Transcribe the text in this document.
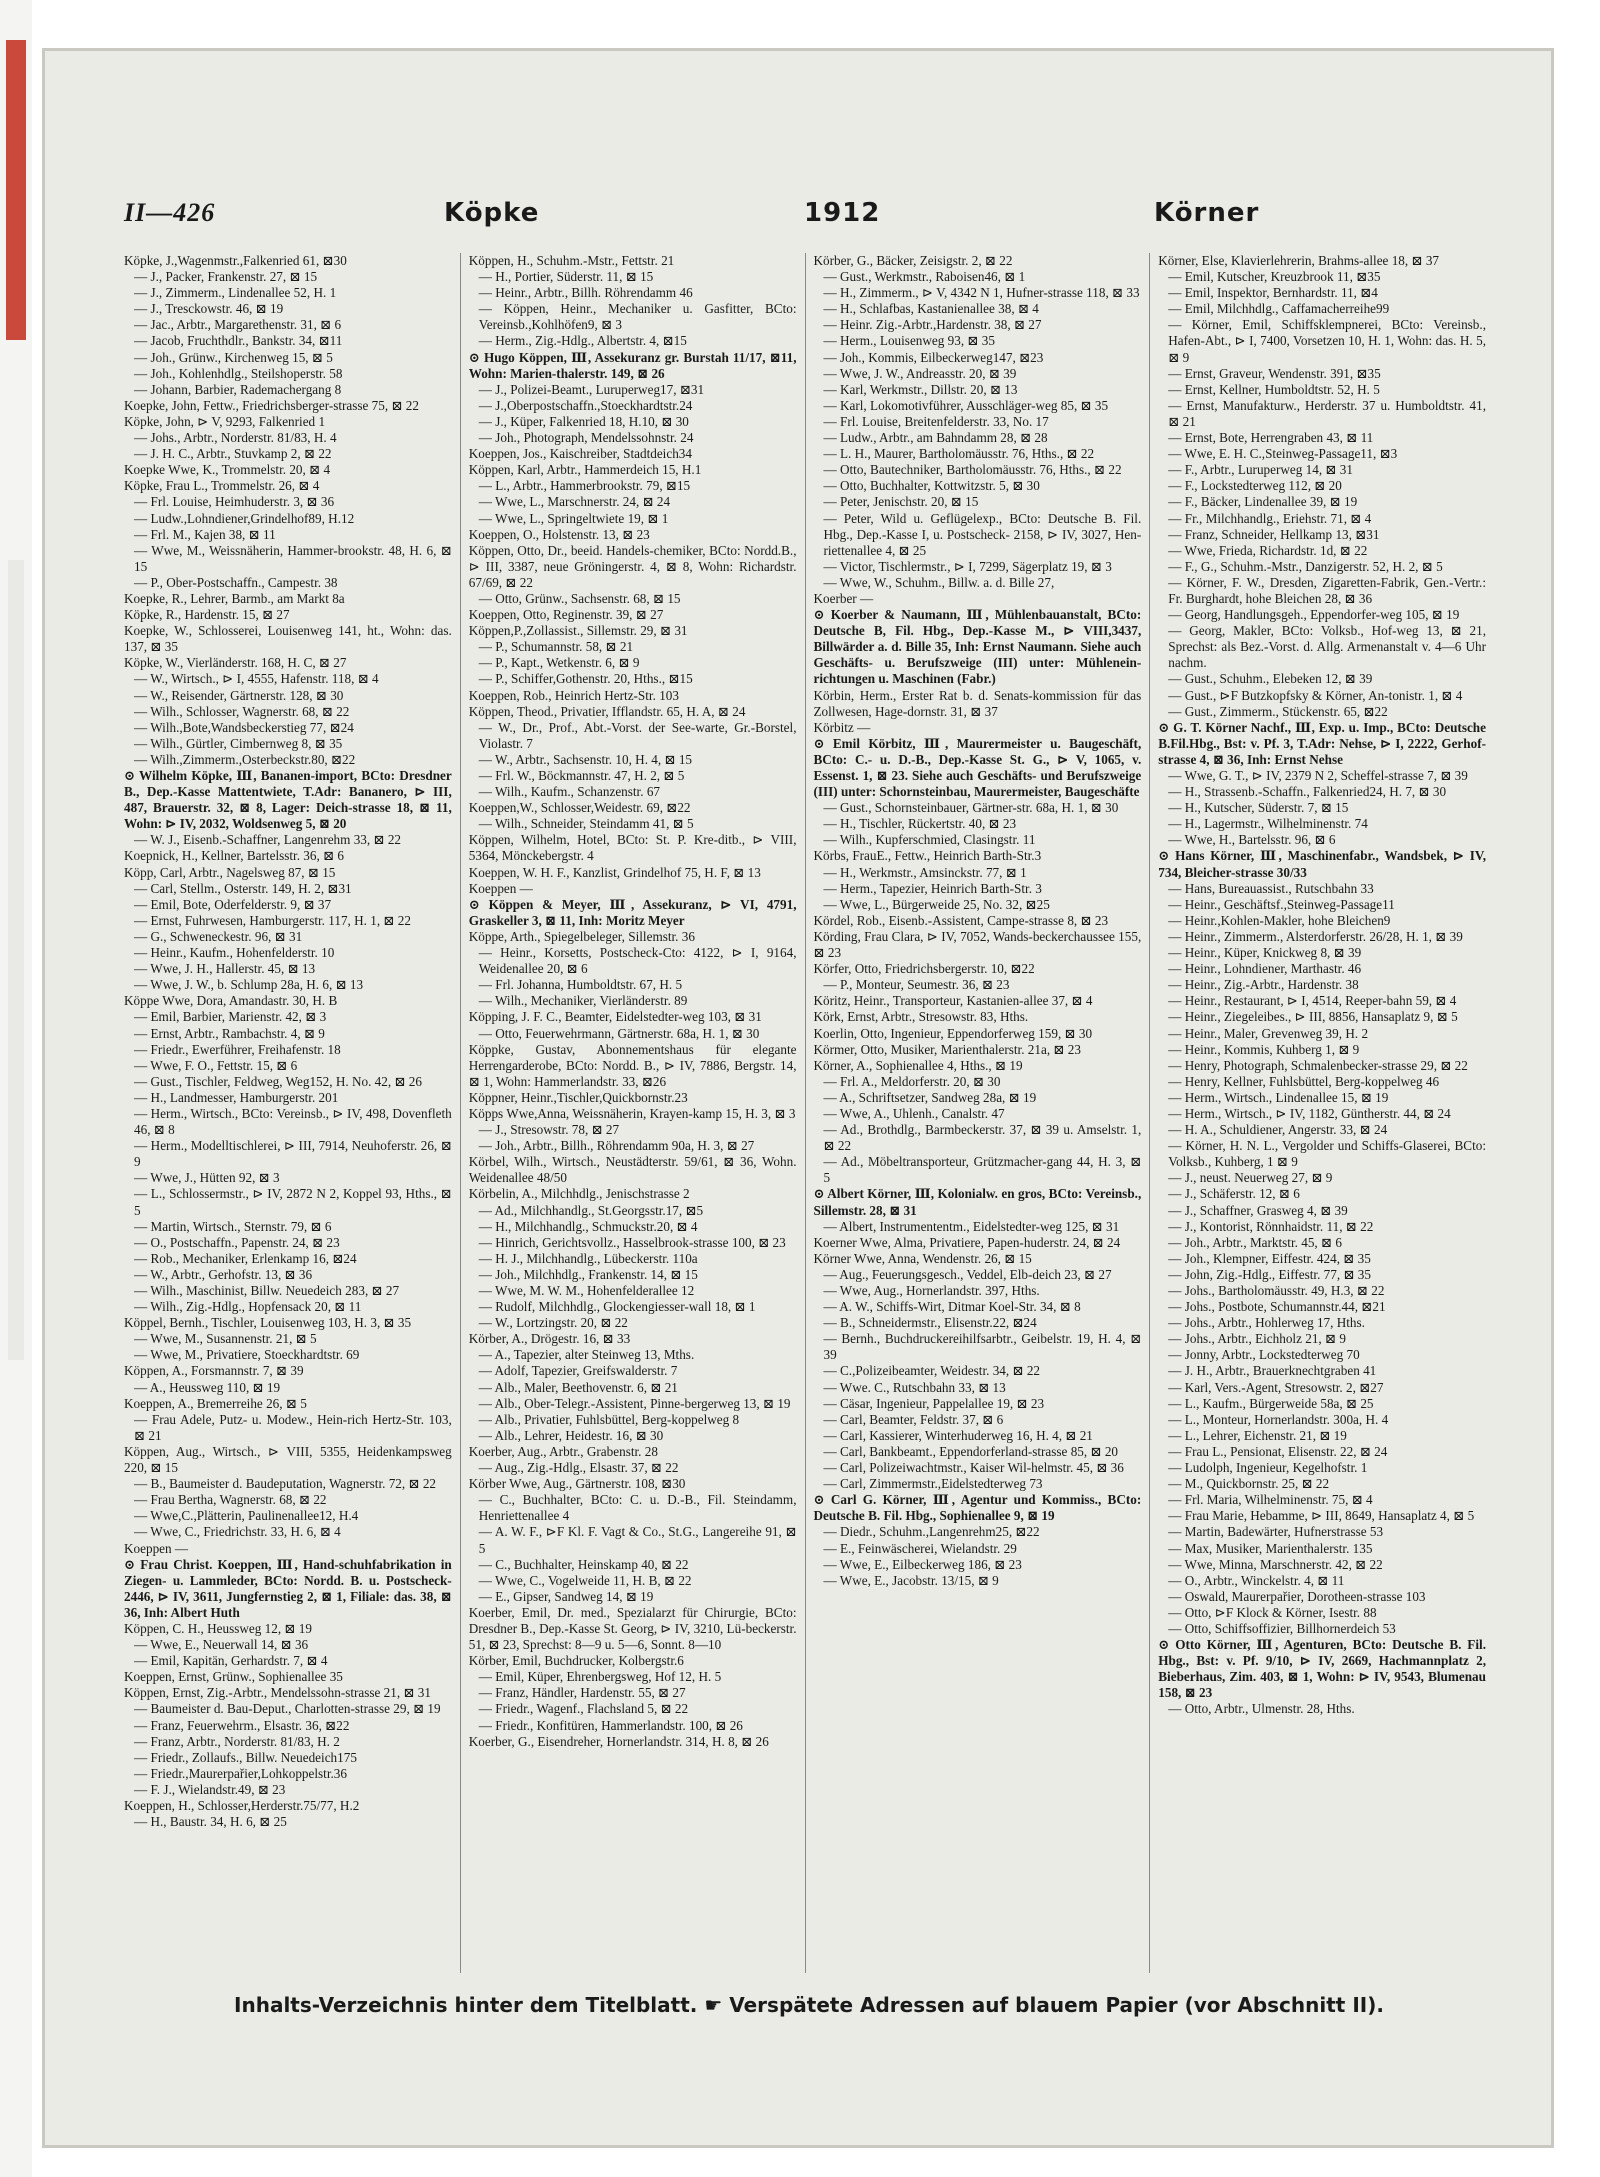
II—426	Köpke	1912	Körner

Köpke, J.,Wagenmstr.,Falkenried 61, ⊠30

— J., Packer, Frankenstr. 27, ⊠ 15

— J., Zimmerm., Lindenallee 52, H. 1

— J., Tresckowstr. 46, ⊠ 19

— Jac., Arbtr., Margarethenstr. 31, ⊠ 6

— Jacob, Fruchthdlr., Bankstr. 34, ⊠11

— Joh., Grünw., Kirchenweg 15, ⊠ 5

— Joh., Kohlenhdlg., Steilshoperstr. 58

— Johann, Barbier, Rademachergang 8

Koepke, John, Fettw., Friedrichsberger-strasse 75, ⊠ 22

Köpke, John, ⊳ V, 9293, Falkenried 1

— Johs., Arbtr., Norderstr. 81/83, H. 4

— J. H. C., Arbtr., Stuvkamp 2, ⊠ 22

Koepke Wwe, K., Trommelstr. 20, ⊠ 4

Köpke, Frau L., Trommelstr. 26, ⊠ 4

— Frl. Louise, Heimhuderstr. 3, ⊠ 36

— Ludw.,Lohndiener,Grindelhof89, H.12

— Frl. M., Kajen 38, ⊠ 11

— Wwe, M., Weissnäherin, Hammer-brookstr. 48, H. 6, ⊠ 15

— P., Ober-Postschaffn., Campestr. 38

Koepke, R., Lehrer, Barmb., am Markt 8a

Köpke, R., Hardenstr. 15, ⊠ 27

Koepke, W., Schlosserei, Louisenweg 141, ht., Wohn: das. 137, ⊠ 35

Köpke, W., Vierländerstr. 168, H. C, ⊠ 27

— W., Wirtsch., ⊳ I, 4555, Hafenstr. 118, ⊠ 4

— W., Reisender, Gärtnerstr. 128, ⊠ 30

— Wilh., Schlosser, Wagnerstr. 68, ⊠ 22

— Wilh.,Bote,Wandsbeckerstieg 77, ⊠24

— Wilh., Gürtler, Cimbernweg 8, ⊠ 35

— Wilh.,Zimmerm.,Osterbeckstr.80, ⊠22

⊙ Wilhelm Köpke, Ⅲ, Bananen-import, BCto: Dresdner B., Dep.-Kasse Mattentwiete, T.Adr: Bananero, ⊳ III, 487, Brauerstr. 32, ⊠ 8, Lager: Deich-strasse 18, ⊠ 11, Wohn: ⊳ IV, 2032, Woldsenweg 5, ⊠ 20

— W. J., Eisenb.-Schaffner, Langenrehm 33, ⊠ 22

Koepnick, H., Kellner, Bartelsstr. 36, ⊠ 6

Köpp, Carl, Arbtr., Nagelsweg 87, ⊠ 15

— Carl, Stellm., Osterstr. 149, H. 2, ⊠31

— Emil, Bote, Oderfelderstr. 9, ⊠ 37

— Ernst, Fuhrwesen, Hamburgerstr. 117, H. 1, ⊠ 22

— G., Schweneckestr. 96, ⊠ 31

— Heinr., Kaufm., Hohenfelderstr. 10

— Wwe, J. H., Hallerstr. 45, ⊠ 13

— Wwe, J. W., b. Schlump 28a, H. 6, ⊠ 13

Köppe Wwe, Dora, Amandastr. 30, H. B

— Emil, Barbier, Marienstr. 42, ⊠ 3

— Ernst, Arbtr., Rambachstr. 4, ⊠ 9

— Friedr., Ewerführer, Freihafenstr. 18

— Wwe, F. O., Fettstr. 15, ⊠ 6

— Gust., Tischler, Feldweg, Weg152, H. No. 42, ⊠ 26

— H., Landmesser, Hamburgerstr. 201

— Herm., Wirtsch., BCto: Vereinsb., ⊳ IV, 498, Dovenfleth 46, ⊠ 8

— Herm., Modelltischlerei, ⊳ III, 7914, Neuhoferstr. 26, ⊠ 9

— Wwe, J., Hütten 92, ⊠ 3

— L., Schlossermstr., ⊳ IV, 2872 N 2, Koppel 93, Hths., ⊠ 5

— Martin, Wirtsch., Sternstr. 79, ⊠ 6

— O., Postschaffn., Papenstr. 24, ⊠ 23

— Rob., Mechaniker, Erlenkamp 16, ⊠24

— W., Arbtr., Gerhofstr. 13, ⊠ 36

— Wilh., Maschinist, Billw. Neuedeich 283, ⊠ 27

— Wilh., Zig.-Hdlg., Hopfensack 20, ⊠ 11

Köppel, Bernh., Tischler, Louisenweg 103, H. 3, ⊠ 35

— Wwe, M., Susannenstr. 21, ⊠ 5

— Wwe, M., Privatiere, Stoeckhardtstr. 69

Köppen, A., Forsmannstr. 7, ⊠ 39

— A., Heussweg 110, ⊠ 19

Koeppen, A., Bremerreihe 26, ⊠ 5

— Frau Adele, Putz- u. Modew., Hein-rich Hertz-Str. 103, ⊠ 21

Köppen, Aug., Wirtsch., ⊳ VIII, 5355, Heidenkampsweg 220, ⊠ 15

— B., Baumeister d. Baudeputation, Wagnerstr. 72, ⊠ 22

— Frau Bertha, Wagnerstr. 68, ⊠ 22

— Wwe,C.,Plätterin, Paulinenallee12, H.4

— Wwe, C., Friedrichstr. 33, H. 6, ⊠ 4

Koeppen —

⊙ Frau Christ. Koeppen, Ⅲ, Hand-schuhfabrikation in Ziegen- u. Lammleder, BCto: Nordd. B. u. Postscheck- 2446, ⊳ IV, 3611, Jungfernstieg 2, ⊠ 1, Filiale: das. 38, ⊠ 36, Inh: Albert Huth

Köppen, C. H., Heussweg 12, ⊠ 19

— Wwe, E., Neuerwall 14, ⊠ 36

— Emil, Kapitän, Gerhardstr. 7, ⊠ 4

Koeppen, Ernst, Grünw., Sophienallee 35

Köppen, Ernst, Zig.-Arbtr., Mendelssohn-strasse 21, ⊠ 31

— Baumeister d. Bau-Deput., Charlotten-strasse 29, ⊠ 19

— Franz, Feuerwehrm., Elsastr. 36, ⊠22

— Franz, Arbtr., Norderstr. 81/83, H. 2

— Friedr., Zollaufs., Billw. Neuedeich175

— Friedr.,Maurerpařier,Lohkoppelstr.36

— F. J., Wielandstr.49, ⊠ 23

Koeppen, H., Schlosser,Herderstr.75/77, H.2

— H., Baustr. 34, H. 6, ⊠ 25

Köppen, H., Schuhm.-Mstr., Fettstr. 21

— H., Portier, Süderstr. 11, ⊠ 15

— Heinr., Arbtr., Billh. Röhrendamm 46

— Köppen, Heinr., Mechaniker u. Gasfitter, BCto: Vereinsb.,Kohlhöfen9, ⊠ 3

— Herm., Zig.-Hdlg., Albertstr. 4, ⊠15

⊙ Hugo Köppen, Ⅲ, Assekuranz gr. Burstah 11/17, ⊠11, Wohn: Marien-thalerstr. 149, ⊠ 26

— J., Polizei-Beamt., Luruperweg17, ⊠31

— J.,Oberpostschaffn.,Stoeckhardtstr.24

— J., Küper, Falkenried 18, H.10, ⊠ 30

— Joh., Photograph, Mendelssohnstr. 24

Koeppen, Jos., Kaischreiber, Stadtdeich34

Köppen, Karl, Arbtr., Hammerdeich 15, H.1

— L., Arbtr., Hammerbrookstr. 79, ⊠15

— Wwe, L., Marschnerstr. 24, ⊠ 24

— Wwe, L., Springeltwiete 19, ⊠ 1

Koeppen, O., Holstenstr. 13, ⊠ 23

Köppen, Otto, Dr., beeid. Handels-chemiker, BCto: Nordd.B., ⊳ III, 3387, neue Gröningerstr. 4, ⊠ 8, Wohn: Richardstr. 67/69, ⊠ 22

— Otto, Grünw., Sachsenstr. 68, ⊠ 15

Koeppen, Otto, Reginenstr. 39, ⊠ 27

Köppen,P.,Zollassist., Sillemstr. 29, ⊠ 31

— P., Schumannstr. 58, ⊠ 21

— P., Kapt., Wetkenstr. 6, ⊠ 9

— P., Schiffer,Gothenstr. 20, Hths., ⊠15

Koeppen, Rob., Heinrich Hertz-Str. 103

Köppen, Theod., Privatier, Ifflandstr. 65, H. A, ⊠ 24

— W., Dr., Prof., Abt.-Vorst. der See-warte, Gr.-Borstel, Violastr. 7

— W., Arbtr., Sachsenstr. 10, H. 4, ⊠ 15

— Frl. W., Böckmannstr. 47, H. 2, ⊠ 5

— Wilh., Kaufm., Schanzenstr. 67

Koeppen,W., Schlosser,Weidestr. 69, ⊠22

— Wilh., Schneider, Steindamm 41, ⊠ 5

Köppen, Wilhelm, Hotel, BCto: St. P. Kre-ditb., ⊳ VIII, 5364, Mönckebergstr. 4

Koeppen, W. H. F., Kanzlist, Grindelhof 75, H. F, ⊠ 13

Koeppen —

⊙ Köppen & Meyer, Ⅲ, Assekuranz, ⊳ VI, 4791, Graskeller 3, ⊠ 11, Inh: Moritz Meyer

Köppe, Arth., Spiegelbeleger, Sillemstr. 36

— Heinr., Korsetts, Postscheck-Cto: 4122, ⊳ I, 9164, Weidenallee 20, ⊠ 6

— Frl. Johanna, Humboldtstr. 67, H. 5

— Wilh., Mechaniker, Vierländerstr. 89

Köpping, J. F. C., Beamter, Eidelstedter-weg 103, ⊠ 31

— Otto, Feuerwehrmann, Gärtnerstr. 68a, H. 1, ⊠ 30

Köppke, Gustav, Abonnementshaus für elegante Herrengarderobe, BCto: Nordd. B., ⊳ IV, 7886, Bergstr. 14, ⊠ 1, Wohn: Hammerlandstr. 33, ⊠26

Köppner, Heinr.,Tischler,Quickbornstr.23

Köpps Wwe,Anna, Weissnäherin, Krayen-kamp 15, H. 3, ⊠ 3

— J., Stresowstr. 78, ⊠ 27

— Joh., Arbtr., Billh., Röhrendamm 90a, H. 3, ⊠ 27

Körbel, Wilh., Wirtsch., Neustädterstr. 59/61, ⊠ 36, Wohn. Weidenallee 48/50

Körbelin, A., Milchhdlg., Jenischstrasse 2

— Ad., Milchhandlg., St.Georgsstr.17, ⊠5

— H., Milchhandlg., Schmuckstr.20, ⊠ 4

— Hinrich, Gerichtsvollz., Hasselbrook-strasse 100, ⊠ 23

— H. J., Milchhandlg., Lübeckerstr. 110a

— Joh., Milchhdlg., Frankenstr. 14, ⊠ 15

— Wwe, M. W. M., Hohenfelderallee 12

— Rudolf, Milchhdlg., Glockengiesser-wall 18, ⊠ 1

— W., Lortzingstr. 20, ⊠ 22

Körber, A., Drögestr. 16, ⊠ 33

— A., Tapezier, alter Steinweg 13, Mths.

— Adolf, Tapezier, Greifswalderstr. 7

— Alb., Maler, Beethovenstr. 6, ⊠ 21

— Alb., Ober-Telegr.-Assistent, Pinne-bergerweg 13, ⊠ 19

— Alb., Privatier, Fuhlsbüttel, Berg-koppelweg 8

— Alb., Lehrer, Heidestr. 16, ⊠ 30

Koerber, Aug., Arbtr., Grabenstr. 28

— Aug., Zig.-Hdlg., Elsastr. 37, ⊠ 22

Körber Wwe, Aug., Gärtnerstr. 108, ⊠30

— C., Buchhalter, BCto: C. u. D.-B., Fil. Steindamm, Henriettenallee 4

— A. W. F., ⊳F Kl. F. Vagt & Co., St.G., Langereihe 91, ⊠ 5

— C., Buchhalter, Heinskamp 40, ⊠ 22

— Wwe, C., Vogelweide 11, H. B, ⊠ 22

— E., Gipser, Sandweg 14, ⊠ 19

Koerber, Emil, Dr. med., Spezialarzt für Chirurgie, BCto: Dresdner B., Dep.-Kasse St. Georg, ⊳ IV, 3210, Lü-beckerstr. 51, ⊠ 23, Sprechst: 8—9 u. 5—6, Sonnt. 8—10

Körber, Emil, Buchdrucker, Kolbergstr.6

— Emil, Küper, Ehrenbergsweg, Hof 12, H. 5

— Franz, Händler, Hardenstr. 55, ⊠ 27

— Friedr., Wagenf., Flachsland 5, ⊠ 22

— Friedr., Konfitüren, Hammerlandstr. 100, ⊠ 26

Koerber, G., Eisendreher, Hornerlandstr. 314, H. 8, ⊠ 26

Körber, G., Bäcker, Zeisigstr. 2, ⊠ 22

— Gust., Werkmstr., Raboisen46, ⊠ 1

— H., Zimmerm., ⊳ V, 4342 N 1, Hufner-strasse 118, ⊠ 33

— H., Schlafbas, Kastanienallee 38, ⊠ 4

— Heinr. Zig.-Arbtr.,Hardenstr. 38, ⊠ 27

— Herm., Louisenweg 93, ⊠ 35

— Joh., Kommis, Eilbeckerweg147, ⊠23

— Wwe, J. W., Andreasstr. 20, ⊠ 39

— Karl, Werkmstr., Dillstr. 20, ⊠ 13

— Karl, Lokomotivführer, Ausschläger-weg 85, ⊠ 35

— Frl. Louise, Breitenfelderstr. 33, No. 17

— Ludw., Arbtr., am Bahndamm 28, ⊠ 28

— L. H., Maurer, Bartholomäusstr. 76, Hths., ⊠ 22

— Otto, Bautechniker, Bartholomäusstr. 76, Hths., ⊠ 22

— Otto, Buchhalter, Kottwitzstr. 5, ⊠ 30

— Peter, Jenischstr. 20, ⊠ 15

— Peter, Wild u. Geflügelexp., BCto: Deutsche B. Fil. Hbg., Dep.-Kasse I, u. Postscheck- 2158, ⊳ IV, 3027, Hen-riettenallee 4, ⊠ 25

— Victor, Tischlermstr., ⊳ I, 7299, Sägerplatz 19, ⊠ 3

— Wwe, W., Schuhm., Billw. a. d. Bille 27,

Koerber —

⊙ Koerber & Naumann, Ⅲ, Mühlenbauanstalt, BCto: Deutsche B, Fil. Hbg., Dep.-Kasse M., ⊳ VIII,3437, Billwärder a. d. Bille 35, Inh: Ernst Naumann. Siehe auch Geschäfts- u. Berufszweige (III) unter: Mühlenein-richtungen u. Maschinen (Fabr.)

Körbin, Herm., Erster Rat b. d. Senats-kommission für das Zollwesen, Hage-dornstr. 31, ⊠ 37

Körbitz —

⊙ Emil Körbitz, Ⅲ, Maurermeister u. Baugeschäft, BCto: C.- u. D.-B., Dep.-Kasse St. G., ⊳ V, 1065, v. Essenst. 1, ⊠ 23. Siehe auch Geschäfts- und Berufszweige (III) unter: Schornsteinbau, Maurermeister, Baugeschäfte

— Gust., Schornsteinbauer, Gärtner-str. 68a, H. 1, ⊠ 30

— H., Tischler, Rückertstr. 40, ⊠ 23

— Wilh., Kupferschmied, Clasingstr. 11

Körbs, FrauE., Fettw., Heinrich Barth-Str.3

— H., Werkmstr., Amsinckstr. 77, ⊠ 1

— Herm., Tapezier, Heinrich Barth-Str. 3

— Wwe, L., Bürgerweide 25, No. 32, ⊠25

Kördel, Rob., Eisenb.-Assistent, Campe-strasse 8, ⊠ 23

Körding, Frau Clara, ⊳ IV, 7052, Wands-beckerchaussee 155, ⊠ 23

Körfer, Otto, Friedrichsbergerstr. 10, ⊠22

— P., Monteur, Seumestr. 36, ⊠ 23

Köritz, Heinr., Transporteur, Kastanien-allee 37, ⊠ 4

Körk, Ernst, Arbtr., Stresowstr. 83, Hths.

Koerlin, Otto, Ingenieur, Eppendorferweg 159, ⊠ 30

Körmer, Otto, Musiker, Marienthalerstr. 21a, ⊠ 23

Körner, A., Sophienallee 4, Hths., ⊠ 19

— Frl. A., Meldorferstr. 20, ⊠ 30

— A., Schriftsetzer, Sandweg 28a, ⊠ 19

— Wwe, A., Uhlenh., Canalstr. 47

— Ad., Brothdlg., Barmbeckerstr. 37, ⊠ 39 u. Amselstr. 1, ⊠ 22

— Ad., Möbeltransporteur, Grützmacher-gang 44, H. 3, ⊠ 5

⊙ Albert Körner, Ⅲ, Kolonialw. en gros, BCto: Vereinsb., Sillemstr. 28, ⊠ 31

— Albert, Instrumententm., Eidelstedter-weg 125, ⊠ 31

Koerner Wwe, Alma, Privatiere, Papen-huderstr. 24, ⊠ 24

Körner Wwe, Anna, Wendenstr. 26, ⊠ 15

— Aug., Feuerungsgesch., Veddel, Elb-deich 23, ⊠ 27

— Wwe, Aug., Hornerlandstr. 397, Hths.

— A. W., Schiffs-Wirt, Ditmar Koel-Str. 34, ⊠ 8

— B., Schneidermstr., Elisenstr.22, ⊠24

— Bernh., Buchdruckereihilfsarbtr., Geibelstr. 19, H. 4, ⊠ 39

— C.,Polizeibeamter, Weidestr. 34, ⊠ 22

— Wwe. C., Rutschbahn 33, ⊠ 13

— Cäsar, Ingenieur, Pappelallee 19, ⊠ 23

— Carl, Beamter, Feldstr. 37, ⊠ 6

— Carl, Kassierer, Winterhuderweg 16, H. 4, ⊠ 21

— Carl, Bankbeamt., Eppendorferland-strasse 85, ⊠ 20

— Carl, Polizeiwachtmstr., Kaiser Wil-helmstr. 45, ⊠ 36

— Carl, Zimmermstr.,Eidelstedterweg 73

⊙ Carl G. Körner, Ⅲ, Agentur und Kommiss., BCto: Deutsche B. Fil. Hbg., Sophienallee 9, ⊠ 19

— Diedr., Schuhm.,Langenrehm25, ⊠22

— E., Feinwäscherei, Wielandstr. 29

— Wwe, E., Eilbeckerweg 186, ⊠ 23

— Wwe, E., Jacobstr. 13/15, ⊠ 9

Körner, Else, Klavierlehrerin, Brahms-allee 18, ⊠ 37

— Emil, Kutscher, Kreuzbrook 11, ⊠35

— Emil, Inspektor, Bernhardstr. 11, ⊠4

— Emil, Milchhdlg., Caffamacherreihe99

— Körner, Emil, Schiffsklempnerei, BCto: Vereinsb., Hafen-Abt., ⊳ I, 7400, Vorsetzen 10, H. 1, Wohn: das. H. 5, ⊠ 9

— Ernst, Graveur, Wendenstr. 391, ⊠35

— Ernst, Kellner, Humboldtstr. 52, H. 5

— Ernst, Manufakturw., Herderstr. 37 u. Humboldtstr. 41, ⊠ 21

— Ernst, Bote, Herrengraben 43, ⊠ 11

— Wwe, E. H. C.,Steinweg-Passage11, ⊠3

— F., Arbtr., Luruperweg 14, ⊠ 31

— F., Lockstedterweg 112, ⊠ 20

— F., Bäcker, Lindenallee 39, ⊠ 19

— Fr., Milchhandlg., Eriehstr. 71, ⊠ 4

— Franz, Schneider, Hellkamp 13, ⊠31

— Wwe, Frieda, Richardstr. 1d, ⊠ 22

— F., G., Schuhm.-Mstr., Danzigerstr. 52, H. 2, ⊠ 5

— Körner, F. W., Dresden, Zigaretten-Fabrik, Gen.-Vertr.: Fr. Burghardt, hohe Bleichen 28, ⊠ 36

— Georg, Handlungsgeh., Eppendorfer-weg 105, ⊠ 19

— Georg, Makler, BCto: Volksb., Hof-weg 13, ⊠ 21, Sprechst: als Bez.-Vorst. d. Allg. Armenanstalt v. 4—6 Uhr nachm.

— Gust., Schuhm., Elebeken 12, ⊠ 39

— Gust., ⊳F Butzkopfsky & Körner, An-tonistr. 1, ⊠ 4

— Gust., Zimmerm., Stückenstr. 65, ⊠22

⊙ G. T. Körner Nachf., Ⅲ, Exp. u. Imp., BCto: Deutsche B.Fil.Hbg., Bst: v. Pf. 3, T.Adr: Nehse, ⊳ I, 2222, Gerhof-strasse 4, ⊠ 36, Inh: Ernst Nehse

— Wwe, G. T., ⊳ IV, 2379 N 2, Scheffel-strasse 7, ⊠ 39

— H., Strassenb.-Schaffn., Falkenried24, H. 7, ⊠ 30

— H., Kutscher, Süderstr. 7, ⊠ 15

— H., Lagermstr., Wilhelminenstr. 74

— Wwe, H., Bartelsstr. 96, ⊠ 6

⊙ Hans Körner, Ⅲ, Maschinenfabr., Wandsbek, ⊳ IV, 734, Bleicher-strasse 30/33

— Hans, Bureauassist., Rutschbahn 33

— Heinr., Geschäftsf.,Steinweg-Passage11

— Heinr.,Kohlen-Makler, hohe Bleichen9

— Heinr., Zimmerm., Alsterdorferstr. 26/28, H. 1, ⊠ 39

— Heinr., Küper, Knickweg 8, ⊠ 39

— Heinr., Lohndiener, Marthastr. 46

— Heinr., Zig.-Arbtr., Hardenstr. 38

— Heinr., Restaurant, ⊳ I, 4514, Reeper-bahn 59, ⊠ 4

— Heinr., Ziegeleibes., ⊳ III, 8856, Hansaplatz 9, ⊠ 5

— Heinr., Maler, Grevenweg 39, H. 2

— Heinr., Kommis, Kuhberg 1, ⊠ 9

— Henry, Photograph, Schmalenbecker-strasse 29, ⊠ 22

— Henry, Kellner, Fuhlsbüttel, Berg-koppelweg 46

— Herm., Wirtsch., Lindenallee 15, ⊠ 19

— Herm., Wirtsch., ⊳ IV, 1182, Güntherstr. 44, ⊠ 24

— H. A., Schuldiener, Angerstr. 33, ⊠ 24

— Körner, H. N. L., Vergolder und Schiffs-Glaserei, BCto: Volksb., Kuhberg, 1 ⊠ 9

— J., neust. Neuerweg 27, ⊠ 9

— J., Schäferstr. 12, ⊠ 6

— J., Schaffner, Grasweg 4, ⊠ 39

— J., Kontorist, Rönnhaidstr. 11, ⊠ 22

— Joh., Arbtr., Marktstr. 45, ⊠ 6

— Joh., Klempner, Eiffestr. 424, ⊠ 35

— John, Zig.-Hdlg., Eiffestr. 77, ⊠ 35

— Johs., Bartholomäusstr. 49, H.3, ⊠ 22

— Johs., Postbote, Schumannstr.44, ⊠21

— Johs., Arbtr., Hohlerweg 17, Hths.

— Johs., Arbtr., Eichholz 21, ⊠ 9

— Jonny, Arbtr., Lockstedterweg 70

— J. H., Arbtr., Brauerknechtgraben 41

— Karl, Vers.-Agent, Stresowstr. 2, ⊠27

— L., Kaufm., Bürgerweide 58a, ⊠ 25

— L., Monteur, Hornerlandstr. 300a, H. 4

— L., Lehrer, Eichenstr. 21, ⊠ 19

— Frau L., Pensionat, Elisenstr. 22, ⊠ 24

— Ludolph, Ingenieur, Kegelhofstr. 1

— M., Quickbornstr. 25, ⊠ 22

— Frl. Maria, Wilhelminenstr. 75, ⊠ 4

— Frau Marie, Hebamme, ⊳ III, 8649, Hansaplatz 4, ⊠ 5

— Martin, Badewärter, Hufnerstrasse 53

— Max, Musiker, Marienthalerstr. 135

— Wwe, Minna, Marschnerstr. 42, ⊠ 22

— O., Arbtr., Winckelstr. 4, ⊠ 11

— Oswald, Maurerpařier, Dorotheen-strasse 103

— Otto, ⊳F Klock & Körner, Isestr. 88

— Otto, Schiffsoffizier, Billhornerdeich 53

⊙ Otto Körner, Ⅲ, Agenturen, BCto: Deutsche B. Fil. Hbg., Bst: v. Pf. 9/10, ⊳ IV, 2669, Hachmannplatz 2, Bieberhaus, Zim. 403, ⊠ 1, Wohn: ⊳ IV, 9543, Blumenau 158, ⊠ 23

— Otto, Arbtr., Ulmenstr. 28, Hths.

Inhalts-Verzeichnis hinter dem Titelblatt. ☛ Verspätete Adressen auf blauem Papier (vor Abschnitt II).
